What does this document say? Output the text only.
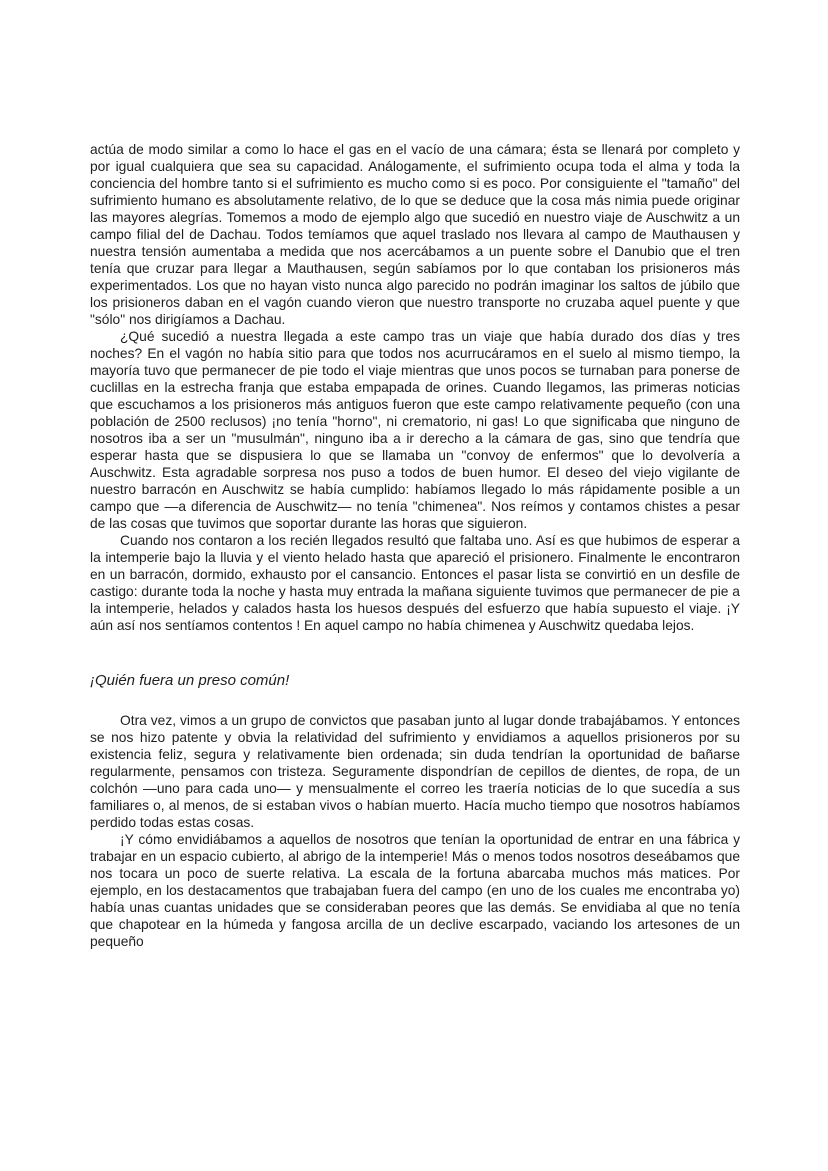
actúa de modo similar a como lo hace el gas en el vacío de una cámara; ésta se llenará por completo y por igual cualquiera que sea su capacidad. Análogamente, el sufrimiento ocupa toda el alma y toda la conciencia del hombre tanto si el sufrimiento es mucho como si es poco. Por consiguiente el "tamaño" del sufrimiento humano es absolutamente relativo, de lo que se deduce que la cosa más nimia puede originar las mayores alegrías. Tomemos a modo de ejemplo algo que sucedió en nuestro viaje de Auschwitz a un campo filial del de Dachau. Todos temíamos que aquel traslado nos llevara al campo de Mauthausen y nuestra tensión aumentaba a medida que nos acercábamos a un puente sobre el Danubio que el tren tenía que cruzar para llegar a Mauthausen, según sabíamos por lo que contaban los prisioneros más experimentados. Los que no hayan visto nunca algo parecido no podrán imaginar los saltos de júbilo que los prisioneros daban en el vagón cuando vieron que nuestro transporte no cruzaba aquel puente y que "sólo" nos dirigíamos a Dachau.

¿Qué sucedió a nuestra llegada a este campo tras un viaje que había durado dos días y tres noches? En el vagón no había sitio para que todos nos acurrucáramos en el suelo al mismo tiempo, la mayoría tuvo que permanecer de pie todo el viaje mientras que unos pocos se turnaban para ponerse de cuclillas en la estrecha franja que estaba empapada de orines. Cuando llegamos, las primeras noticias que escuchamos a los prisioneros más antiguos fueron que este campo relativamente pequeño (con una población de 2500 reclusos) ¡no tenía "horno", ni crematorio, ni gas! Lo que significaba que ninguno de nosotros iba a ser un "musulmán", ninguno iba a ir derecho a la cámara de gas, sino que tendría que esperar hasta que se dispusiera lo que se llamaba un "convoy de enfermos" que lo devolvería a Auschwitz. Esta agradable sorpresa nos puso a todos de buen humor. El deseo del viejo vigilante de nuestro barracón en Auschwitz se había cumplido: habíamos llegado lo más rápidamente posible a un campo que —a diferencia de Auschwitz— no tenía "chimenea". Nos reímos y contamos chistes a pesar de las cosas que tuvimos que soportar durante las horas que siguieron.

Cuando nos contaron a los recién llegados resultó que faltaba uno. Así es que hubimos de esperar a la intemperie bajo la lluvia y el viento helado hasta que apareció el prisionero. Finalmente le encontraron en un barracón, dormido, exhausto por el cansancio. Entonces el pasar lista se convirtió en un desfile de castigo: durante toda la noche y hasta muy entrada la mañana siguiente tuvimos que permanecer de pie a la intemperie, helados y calados hasta los huesos después del esfuerzo que había supuesto el viaje. ¡Y aún así nos sentíamos contentos ! En aquel campo no había chimenea y Auschwitz quedaba lejos.

¡Quién fuera un preso común!

Otra vez, vimos a un grupo de convictos que pasaban junto al lugar donde trabajábamos. Y entonces se nos hizo patente y obvia la relatividad del sufrimiento y envidiamos a aquellos prisioneros por su existencia feliz, segura y relativamente bien ordenada; sin duda tendrían la oportunidad de bañarse regularmente, pensamos con tristeza. Seguramente dispondrían de cepillos de dientes, de ropa, de un colchón —uno para cada uno— y mensualmente el correo les traería noticias de lo que sucedía a sus familiares o, al menos, de si estaban vivos o habían muerto. Hacía mucho tiempo que nosotros habíamos perdido todas estas cosas.

¡Y cómo envidiábamos a aquellos de nosotros que tenían la oportunidad de entrar en una fábrica y trabajar en un espacio cubierto, al abrigo de la intemperie! Más o menos todos nosotros deseábamos que nos tocara un poco de suerte relativa. La escala de la fortuna abarcaba muchos más matices. Por ejemplo, en los destacamentos que trabajaban fuera del campo (en uno de los cuales me encontraba yo) había unas cuantas unidades que se consideraban peores que las demás. Se envidiaba al que no tenía que chapotear en la húmeda y fangosa arcilla de un declive escarpado, vaciando los artesones de un pequeño
